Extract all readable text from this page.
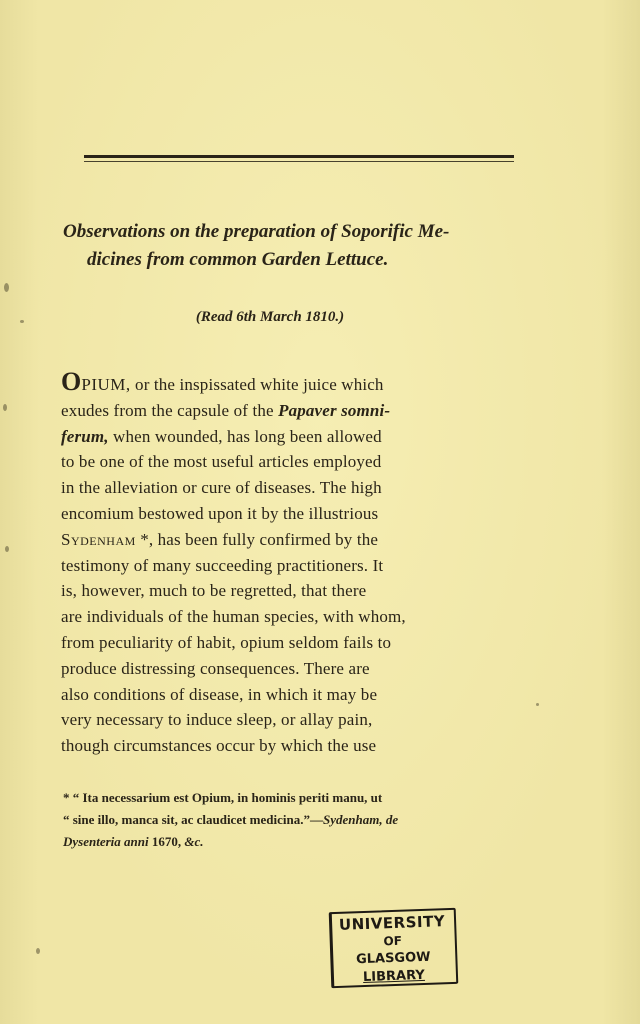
Observations on the preparation of Soporific Me-
dicines from common Garden Lettuce.
(Read 6th March 1810.)
OPIUM, or the inspissated white juice which
exudes from the capsule of the Papaver somni-
ferum, when wounded, has long been allowed
to be one of the most useful articles employed
in the alleviation or cure of diseases. The high
encomium bestowed upon it by the illustrious
Sydenham *, has been fully confirmed by the
testimony of many succeeding practitioners. It
is, however, much to be regretted, that there
are individuals of the human species, with whom,
from peculiarity of habit, opium seldom fails to
produce distressing consequences. There are
also conditions of disease, in which it may be
very necessary to induce sleep, or allay pain,
though circumstances occur by which the use
* “ Ita necessarium est Opium, in hominis periti manu, ut
“ sine illo, manca sit, ac claudicet medicina.”—Sydenham, de
Dysenteria anni 1670, &c.
UNIVERSITY
OF
GLASGOW
LIBRARY
